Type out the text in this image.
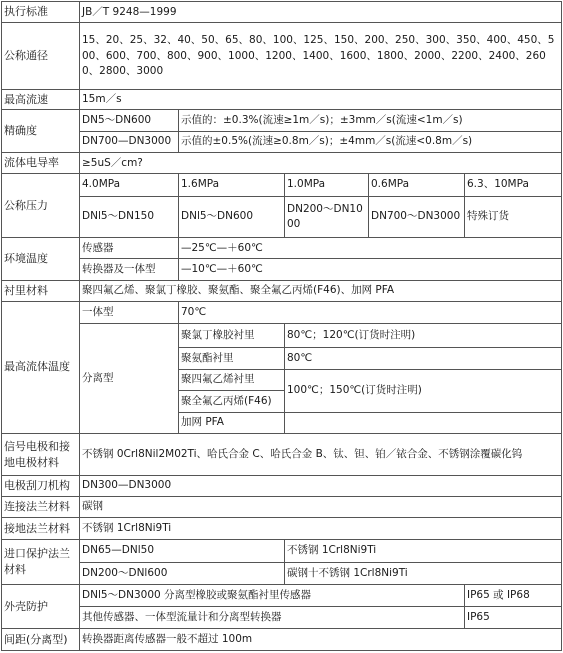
执行标准	JB／T 9248—1999				
公称通径	15、20、25、32、40、50、65、80、100、125、150、200、250、300、350、400、450、500、600、700、800、900、1000、1200、1400、1600、1800、2000、2200、2400、2600、2800、3000				
最高流速	15m／s				
精确度	DN5～DN600	示值的：±0.3%(流速≥1m／s)；±3mm／s(流速<1m／s)			
	DN700—DN3000	示值的±0.5%(流速≥0.8m／s)；±4mm／s(流速<0.8m／s)			
流体电导率	≥5uS／cm?				
公称压力	4.0MPa	1.6MPa	1.0MPa	0.6MPa	6.3、10MPa
	DNl5～DN150	DNl5～DN600	DN200～DN1000	DN700～DN3000	特殊订货
环境温度	传感器	—25℃—＋60℃			
	转换器及一体型	—10℃—＋60℃			
衬里材料	聚四氟乙烯、聚氯丁橡胶、聚氨酯、聚全氟乙丙烯(F46)、加网 PFA				
最高流体温度	一体型	70℃			
	分离型	聚氯丁橡胶衬里	80℃；120℃(订货时注明)		
		聚氨酯衬里	80℃		
		聚四氟乙烯衬里	100℃；150℃(订货时注明)		
		聚全氟乙丙烯(F46)			
		加网 PFA			
信号电极和接地电极材料	不锈钢 0Crl8Nil2M02Ti、哈氏合金 C、哈氏合金 B、钛、钽、铂／铱合金、不锈钢涂覆碳化钨				
电极刮刀机构	DN300—DN3000				
连接法兰材料	碳钢				
接地法兰材料	不锈钢 1Crl8Ni9Ti				
进口保护法兰材料	DN65—DNl50		不锈钢 1Crl8Ni9Ti		
	DN200～DNl600		碳钢十不锈钢 1Crl8Ni9Ti		
外壳防护	DNl5～DN3000 分离型橡胶或聚氨酯衬里传感器				IP65 或 IP68
	其他传感器、一体型流量计和分离型转换器				IP65
间距(分离型)	转换器距离传感器一般不超过 100m				
